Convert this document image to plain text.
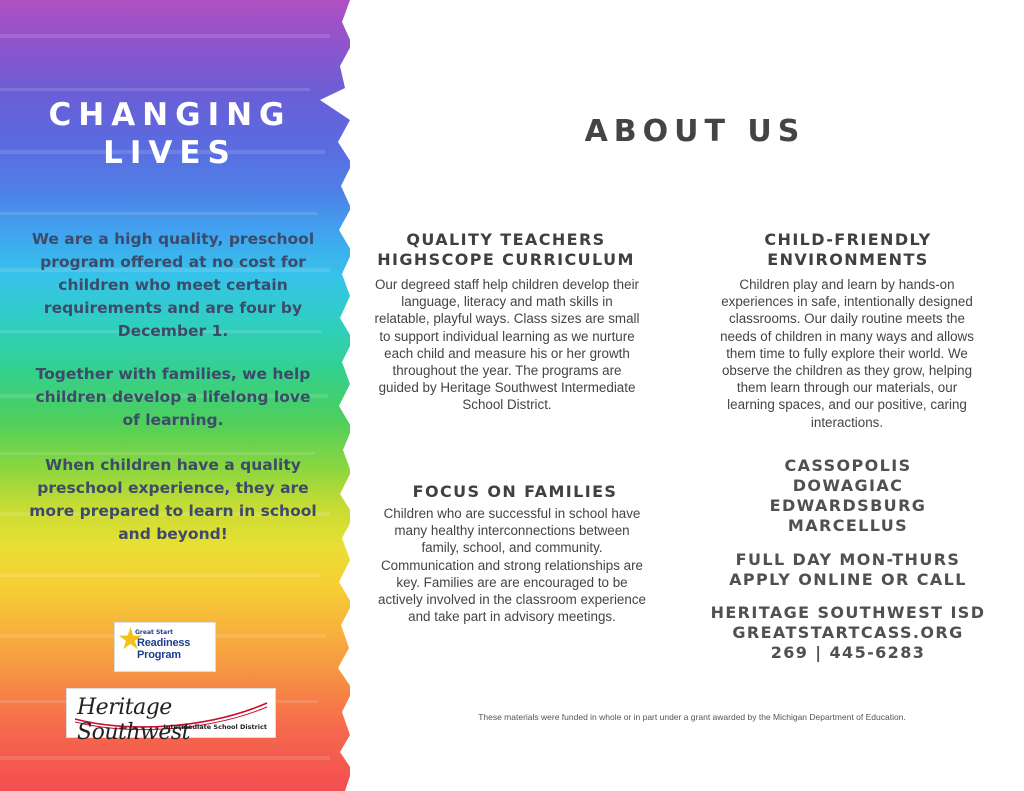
CHANGING
LIVES
We are a high quality, preschool program offered at no cost for children who meet certain requirements and are four by December 1.
Together with families, we help children develop a lifelong love of learning.
When children have a quality preschool experience, they are more prepared to learn in school and beyond!
★
Great Start
Readiness Program
Heritage Southwest
Intermediate School District
ABOUT US
QUALITY TEACHERS
HIGHSCOPE CURRICULUM
Our degreed staff help children develop their language, literacy and math skills in relatable, playful ways. Class sizes are small to support individual learning as we nurture each child and measure his or her growth throughout the year. The programs are guided by Heritage Southwest Intermediate School District.
CHILD-FRIENDLY
ENVIRONMENTS
Children play and learn by hands-on experiences in safe, intentionally designed classrooms. Our daily routine meets the needs of children in many ways and allows them time to fully explore their world. We observe the children as they grow, helping them learn through our materials, our learning spaces, and our positive, caring interactions.
FOCUS ON FAMILIES
Children who are successful in school have many healthy interconnections between family, school, and community. Communication and strong relationships are key. Families are are encouraged to be actively involved in the classroom experience and take part in advisory meetings.
CASSOPOLIS
DOWAGIAC
EDWARDSBURG
MARCELLUS
FULL DAY MON-THURS
APPLY ONLINE OR CALL
HERITAGE SOUTHWEST ISD
GREATSTARTCASS.ORG
269 | 445-6283
These materials were funded in whole or in part under a grant awarded by the Michigan Department of Education.
